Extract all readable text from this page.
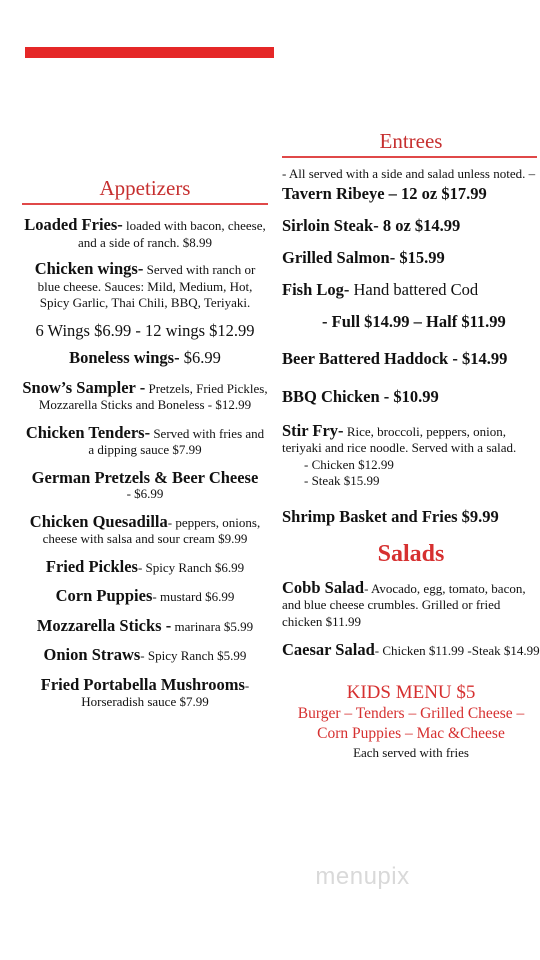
Appetizers
Loaded Fries- loaded with bacon, cheese, and a side of ranch. $8.99
Chicken wings- Served with ranch or blue cheese. Sauces: Mild, Medium, Hot, Spicy Garlic, Thai Chili, BBQ, Teriyaki.
6 Wings $6.99 - 12 wings $12.99
Boneless wings- $6.99
Snow’s Sampler - Pretzels, Fried Pickles, Mozzarella Sticks and Boneless - $12.99
Chicken Tenders- Served with fries and a dipping sauce $7.99
German Pretzels & Beer Cheese
- $6.99
Chicken Quesadilla- peppers, onions, cheese with salsa and sour cream $9.99
Fried Pickles- Spicy Ranch $6.99
Corn Puppies- mustard $6.99
Mozzarella Sticks - marinara $5.99
Onion Straws- Spicy Ranch $5.99
Fried Portabella Mushrooms- Horseradish sauce $7.99
Entrees
- All served with a side and salad unless noted. –
Tavern Ribeye – 12 oz $17.99
Sirloin Steak- 8 oz $14.99
Grilled Salmon- $15.99
Fish Log- Hand battered Cod
- Full $14.99 – Half $11.99
Beer Battered Haddock - $14.99
BBQ Chicken - $10.99
Stir Fry- Rice, broccoli, peppers, onion, teriyaki and rice noodle. Served with a salad.
- Chicken $12.99
- Steak $15.99
Shrimp Basket and Fries $9.99
Salads
Cobb Salad- Avocado, egg, tomato, bacon, and blue cheese crumbles. Grilled or fried chicken $11.99
Caesar Salad- Chicken $11.99 -Steak $14.99
KIDS MENU $5
Burger – Tenders – Grilled Cheese –
Corn Puppies – Mac &Cheese
Each served with fries
menupix
